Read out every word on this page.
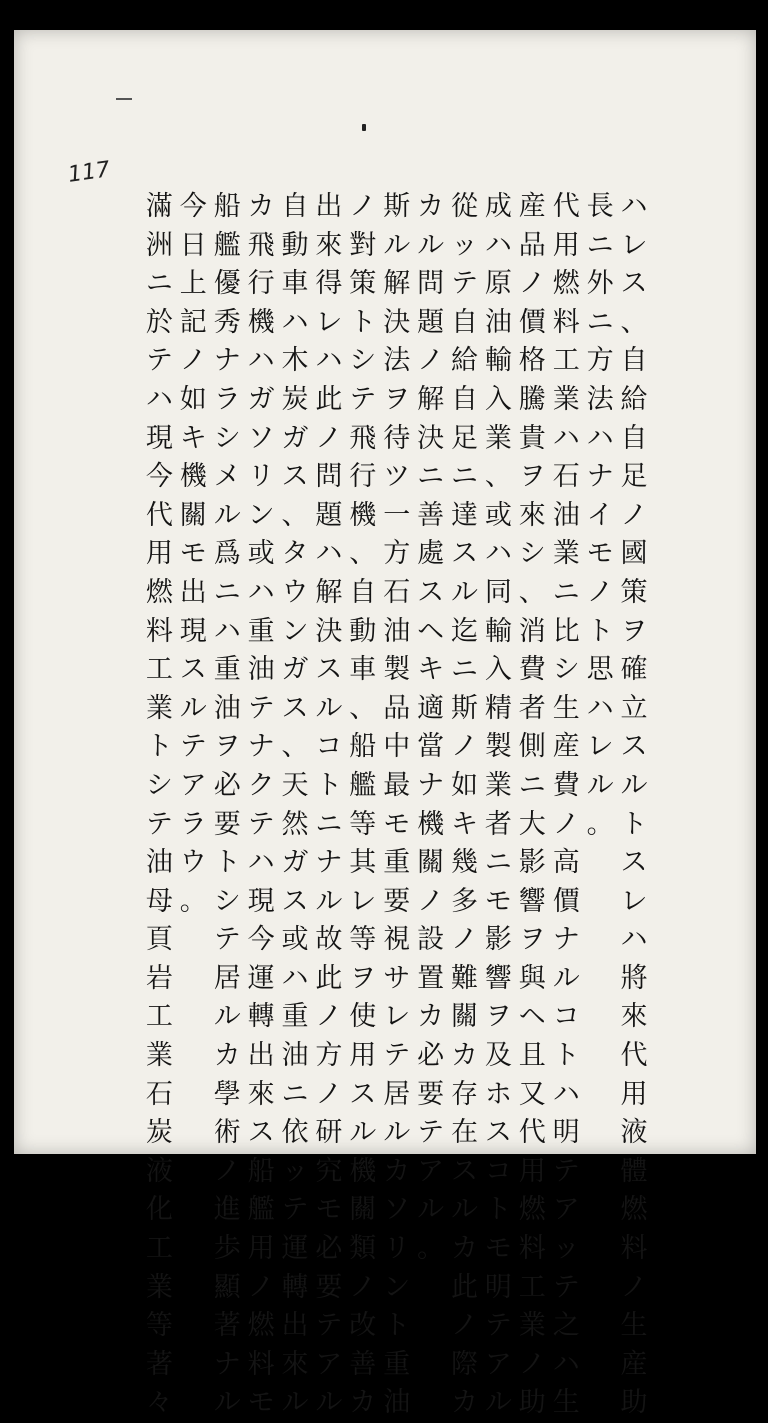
117
ハ
レ
ス
、
自
給
自
足
ノ
國
策
ヲ
確
立
ス
ル
ト
ス
レ
ハ
將
來
代
用
液
體
燃
料
ノ
生
産
助
長
ニ
外
ニ
方
法
ハ
ナ
イ
モ
ノ
ト
思
ハ
レ
ル
。
代
用
燃
料
工
業
ハ
石
油
業
ニ
比
シ
生
産
費
ノ
高
價
ナ
ル
コ
ト
ハ
明
テ
ア
ッ
テ
之
ハ
生
産
品
ノ
價
格
騰
貴
ヲ
來
シ
、
消
費
者
側
ニ
大
影
響
ヲ
與
ヘ
且
又
代
用
燃
料
工
業
ノ
助
成
ハ
原
油
輸
入
業
、
或
ハ
同
輸
入
精
製
業
者
ニ
モ
影
響
ヲ
及
ホ
ス
コ
ト
モ
明
テ
ア
ル
從
ッ
テ
自
給
自
足
ニ
達
ス
ル
迄
ニ
斯
ノ
如
キ
幾
多
ノ
難
關
カ
存
在
ス
ル
カ
此
ノ
際
カ
カ
ル
問
題
ノ
解
決
ニ
善
處
ス
ヘ
キ
適
當
ナ
機
關
ノ
設
置
カ
必
要
テ
ア
ル
。
斯
ル
解
決
法
ヲ
待
ツ
一
方
石
油
製
品
中
最
モ
重
要
視
サ
レ
テ
居
ル
カ
ソ
リ
ン
ト
重
油
ノ
對
策
ト
シ
テ
飛
行
機
、
自
動
車
、
船
艦
等
其
レ
等
ヲ
使
用
ス
ル
機
關
類
ノ
改
善
カ
出
來
得
レ
ハ
此
ノ
問
題
ハ
解
決
ス
ル
コ
ト
ニ
ナ
ル
故
此
ノ
方
ノ
研
究
モ
必
要
テ
ア
ル
自
動
車
ハ
木
炭
ガ
ス
、
タ
ウ
ン
ガ
ス
、
天
然
ガ
ス
或
ハ
重
油
ニ
依
ッ
テ
運
轉
出
來
ル
カ
飛
行
機
ハ
ガ
ソ
リ
ン
或
ハ
重
油
テ
ナ
ク
テ
ハ
現
今
運
轉
出
來
ス
船
艦
用
ノ
燃
料
モ
船
艦
優
秀
ナ
ラ
シ
メ
ル
爲
ニ
ハ
重
油
ヲ
必
要
ト
シ
テ
居
ル
カ
學
術
ノ
進
歩
顯
著
ナ
ル
今
日
上
記
ノ
如
キ
機
關
モ
出
現
ス
ル
テ
ア
ラ
ウ
。
滿
洲
ニ
於
テ
ハ
現
今
代
用
燃
料
工
業
ト
シ
テ
油
母
頁
岩
工
業
石
炭
液
化
工
業
等
著
々
